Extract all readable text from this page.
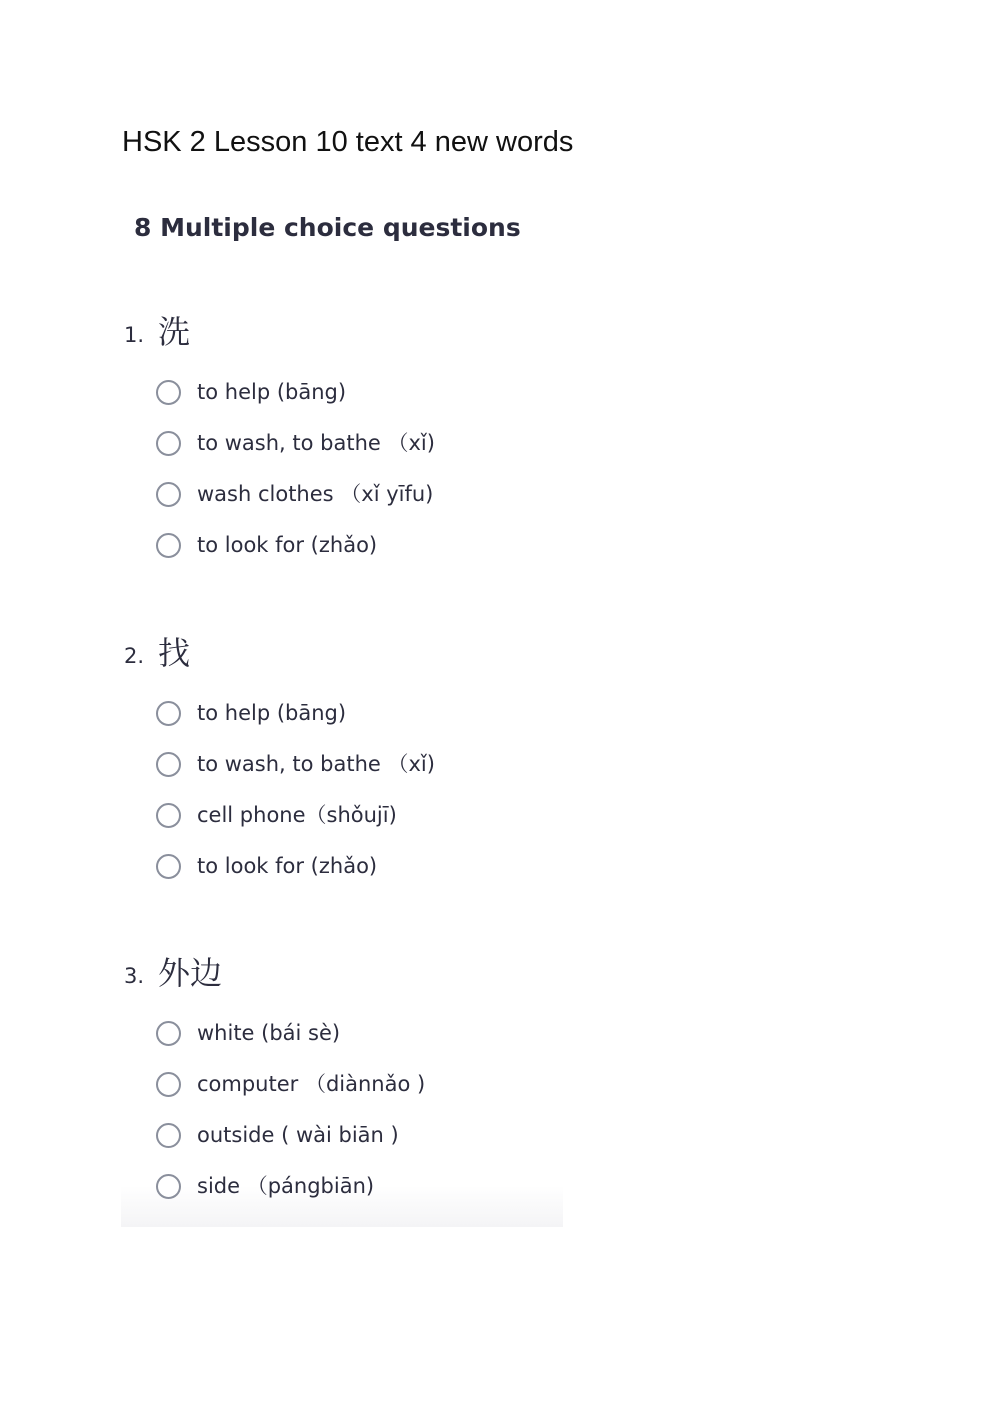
HSK 2 Lesson 10 text 4 new words
8 Multiple choice questions
1. 洗
to help (bāng)
to wash, to bathe （xǐ)
wash clothes （xǐ yīfu)
to look for (zhǎo)
2. 找
to help (bāng)
to wash, to bathe （xǐ)
cell phone（shǒujī)
to look for (zhǎo)
3. 外边
white (bái sè)
computer （diànnǎo )
outside ( wài biān )
side （pángbiān)
